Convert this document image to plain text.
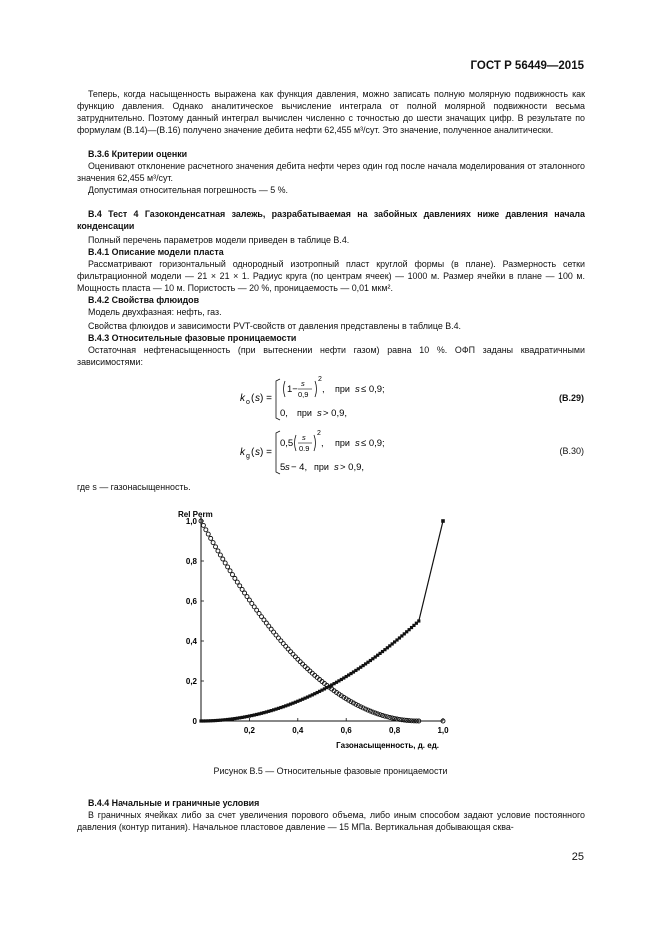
ГОСТ Р 56449—2015
Теперь, когда насыщенность выражена как функция давления, можно записать полную молярную подвижность как функцию давления. Однако аналитическое вычисление интеграла от полной молярной подвижности весьма затруднительно. Поэтому данный интеграл вычислен численно с точностью до шести значащих цифр. В результате по формулам (В.14)—(В.16) получено значение дебита нефти 62,455 м³/сут. Это значение, полученное аналитически.
В.3.6 Критерии оценки
Оценивают отклонение расчетного значения дебита нефти через один год после начала моделирования от эталонного значения 62,455 м³/сут.
Допустимая относительная погрешность — 5 %.
В.4 Тест 4 Газоконденсатная залежь, разрабатываемая на забойных давлениях ниже давления начала конденсации
Полный перечень параметров модели приведен в таблице В.4.
В.4.1 Описание модели пласта
Рассматривают горизонтальный однородный изотропный пласт круглой формы (в плане). Размерность сетки фильтрационной модели — 21 × 21 × 1. Радиус круга (по центрам ячеек) — 1000 м. Размер ячейки в плане — 100 м. Мощность пласта — 10 м. Пористость — 20 %, проницаемость — 0,01 мкм².
В.4.2 Свойства флюидов
Модель двухфазная: нефть, газ.
Свойства флюидов и зависимости PVT-свойств от давления представлены в таблице В.4.
В.4.3 Относительные фазовые проницаемости
Остаточная нефтенасыщенность (при вытеснении нефти газом) равна 10 %. ОФП заданы квадратичными зависимостями:
k o ( s ) =
1−
s
0,9
2
, при s ≤ 0,9;
0, при s > 0,9,
(B.29)
k g ( s ) =
0,5
s
0.9
2
, при s ≤ 0,9;
5 s − 4, при s > 0,9,
(B.30)
где s — газонасыщенность.
1,0
0,8
0,6
0,4
0,2
0
0,2	0,4	0,6	0,8	1,0
Rel Perm
Газонасыщенность, д. ед.
Рисунок В.5 — Относительные фазовые проницаемости
В.4.4 Начальные и граничные условия
В граничных ячейках либо за счет увеличения порового объема, либо иным способом задают условие постоянного давления (контур питания). Начальное пластовое давление — 15 МПа. Вертикальная добывающая сква-
25
